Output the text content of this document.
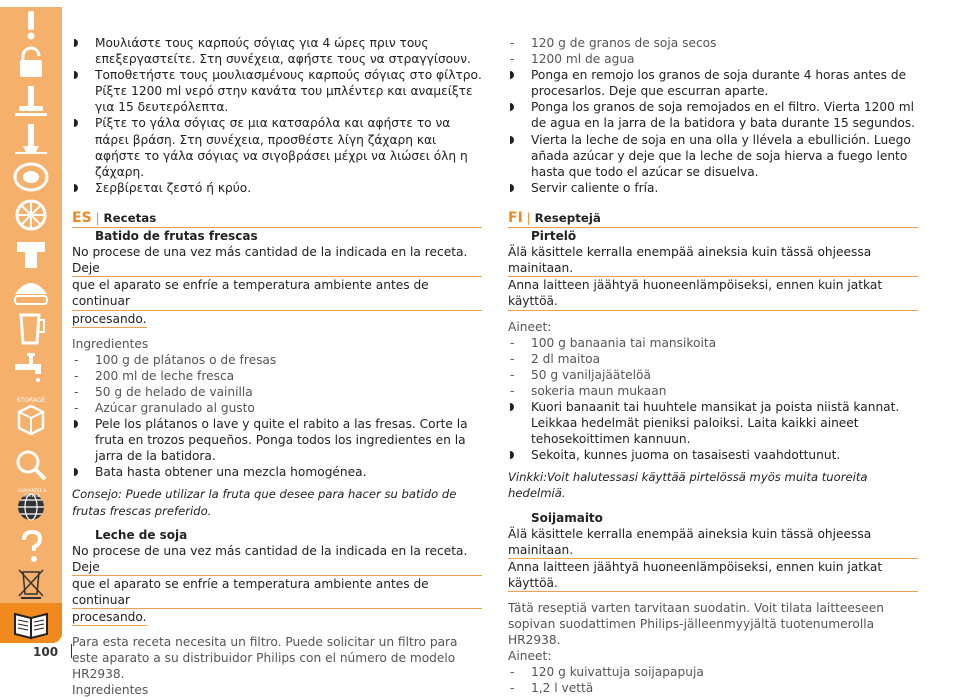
STORAGE
100

Μουλιάστε τους καρπούς σόγιας για 4 ώρες πριν τους επεξεργαστείτε. Στη συνέχεια, αφήστε τους να στραγγίσουν.

Τοποθετήστε τους μουλιασμένους καρπούς σόγιας στο φίλτρο. Ρίξτε 1200 ml νερό στην κανάτα του μπλέντερ και αναμείξτε για 15 δευτερόλεπτα.

Ρίξτε το γάλα σόγιας σε μια κατσαρόλα και αφήστε το να πάρει βράση. Στη συνέχεια, προσθέστε λίγη ζάχαρη και αφήστε το γάλα σόγιας να σιγοβράσει μέχρι να λιώσει όλη η ζάχαρη.

Σερβίρεται ζεστό ή κρύο.

ES | Recetas

Batido de frutas frescas

No procese de una vez más cantidad de la indicada en la receta. Deje

que el aparato se enfríe a temperatura ambiente antes de continuar

procesando.

Ingredientes

- 100 g de plátanos o de fresas

- 200 ml de leche fresca

- 50 g de helado de vainilla

- Azúcar granulado al gusto

Pele los plátanos o lave y quite el rabito a las fresas. Corte la fruta en trozos pequeños. Ponga todos los ingredientes en la jarra de la batidora.

Bata hasta obtener una mezcla homogénea.

Consejo: Puede utilizar la fruta que desee para hacer su batido de frutas frescas preferido.

Leche de soja

No procese de una vez más cantidad de la indicada en la receta. Deje

que el aparato se enfríe a temperatura ambiente antes de continuar

procesando.

Para esta receta necesita un filtro. Puede solicitar un filtro para este aparato a su distribuidor Philips con el número de modelo HR2938.

Ingredientes

- 120 g de granos de soja secos

- 1200 ml de agua

Ponga en remojo los granos de soja durante 4 horas antes de procesarlos. Deje que escurran aparte.

Ponga los granos de soja remojados en el filtro. Vierta 1200 ml de agua en la jarra de la batidora y bata durante 15 segundos.

Vierta la leche de soja en una olla y llévela a ebullición. Luego añada azúcar y deje que la leche de soja hierva a fuego lento hasta que todo el azúcar se disuelva.

Servir caliente o fría.

FI | Reseptejä

Pirtelö

Älä käsittele kerralla enempää aineksia kuin tässä ohjeessa mainitaan.

Anna laitteen jäähtyä huoneenlämpöiseksi, ennen kuin jatkat käyttöä.

Aineet:

- 100 g banaania tai mansikoita

- 2 dl maitoa

- 50 g vaniljajäätelöä

- sokeria maun mukaan

Kuori banaanit tai huuhtele mansikat ja poista niistä kannat. Leikkaa hedelmät pieniksi paloiksi. Laita kaikki aineet tehosekoittimen kannuun.

Sekoita, kunnes juoma on tasaisesti vaahdottunut.

Vinkki:Voit halutessasi käyttää pirtelössä myös muita tuoreita hedelmiä.

Soijamaito

Älä käsittele kerralla enempää aineksia kuin tässä ohjeessa mainitaan.

Anna laitteen jäähtyä huoneenlämpöiseksi, ennen kuin jatkat käyttöä.

Tätä reseptiä varten tarvitaan suodatin. Voit tilata laitteeseen sopivan suodattimen Philips-jälleenmyyjältä tuotenumerolla HR2938.

Aineet:

- 120 g kuivattuja soijapapuja

- 1,2 l vettä

GUARANTEE & SERVICE
